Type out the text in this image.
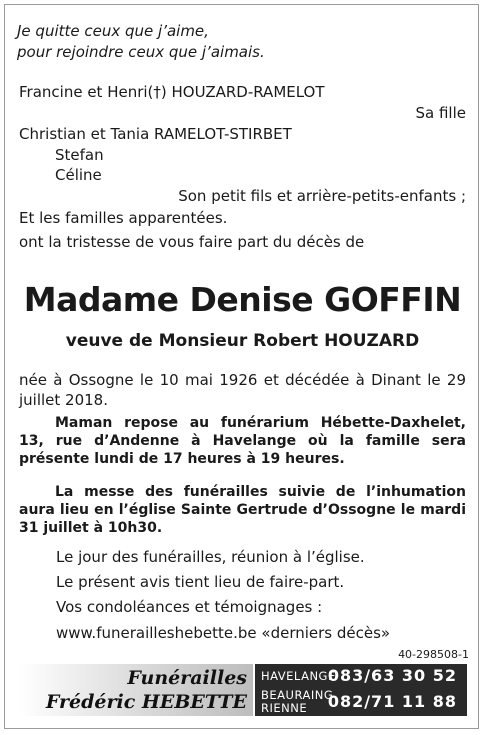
Je quitte ceux que j’aime,
pour rejoindre ceux que j’aimais.
Francine et Henri(†) HOUZARD-RAMELOT
Sa fille
Christian et Tania RAMELOT-STIRBET
Stefan
Céline
Son petit fils et arrière-petits-enfants ;
Et les familles apparentées.
ont la tristesse de vous faire part du décès de
Madame Denise GOFFIN
veuve de Monsieur Robert HOUZARD
née à Ossogne le 10 mai 1926 et décédée à Dinant le 29 juillet 2018.
Maman repose au funérarium Hébette-Daxhelet, 13, rue d’Andenne à Havelange où la famille sera présente lundi de 17 heures à 19 heures.
La messe des funérailles suivie de l’inhumation aura lieu en l’église Sainte Gertrude d’Ossogne le mardi 31 juillet à 10h30.
Le jour des funérailles, réunion à l’église.
Le présent avis tient lieu de faire-part.
Vos condoléances et témoignages :
www.funerailleshebette.be «derniers décès»
40-298508-1
Funérailles
Frédéric HEBETTE
HAVELANGE
083/63 30 52
BEAURAING
RIENNE 082/71 11 88
